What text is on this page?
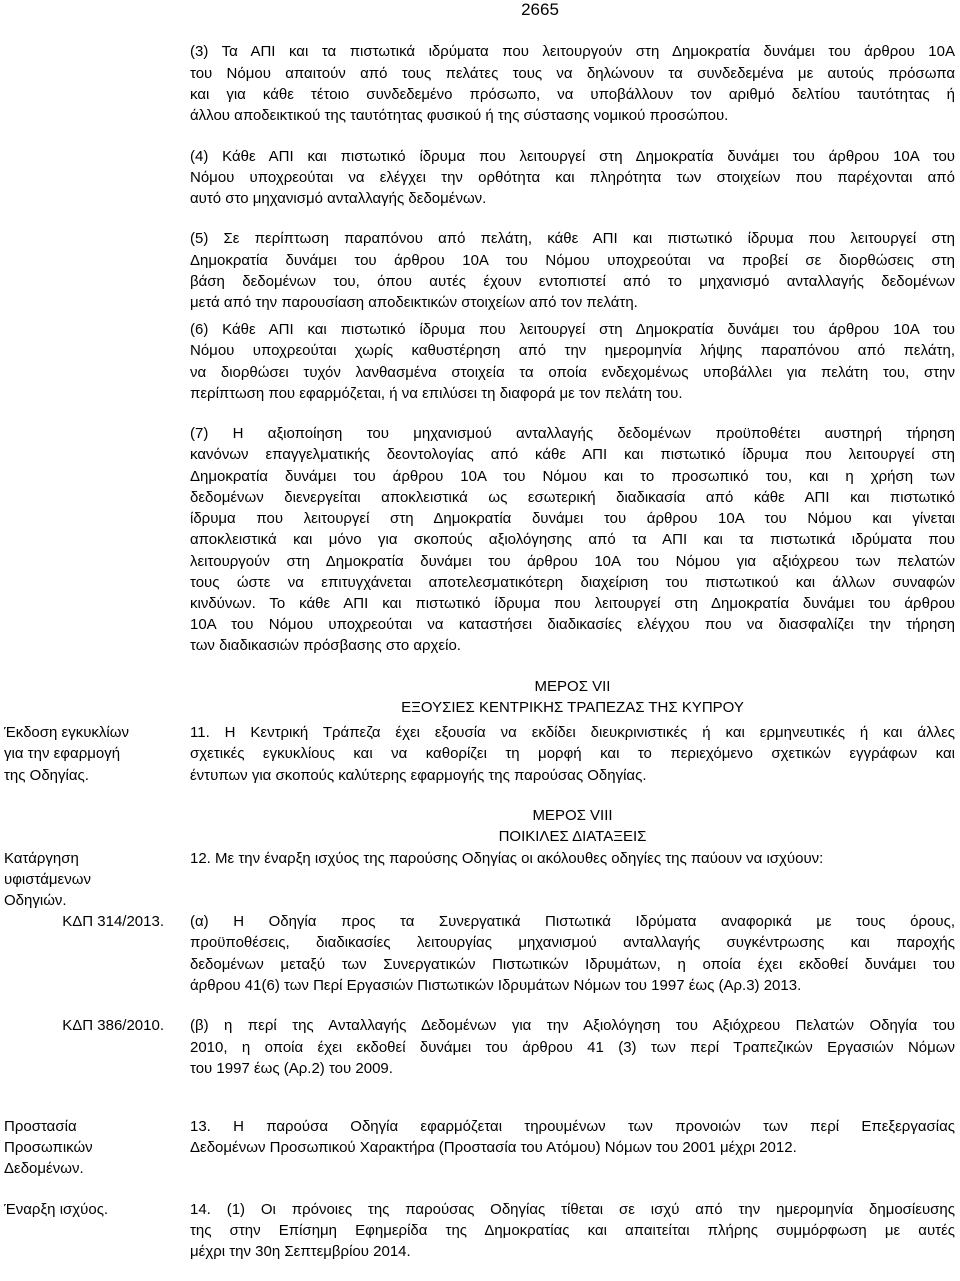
2665
(3) Τα ΑΠΙ και τα πιστωτικά ιδρύματα που λειτουργούν στη Δημοκρατία δυνάμει του άρθρου 10Α
του Νόμου απαιτούν από τους πελάτες τους να δηλώνουν τα συνδεδεμένα με αυτούς πρόσωπα
και για κάθε τέτοιο συνδεδεμένο πρόσωπο, να υποβάλλουν τον αριθμό δελτίου ταυτότητας ή
άλλου αποδεικτικού της ταυτότητας φυσικού ή της σύστασης νομικού προσώπου.
(4) Κάθε ΑΠΙ και πιστωτικό ίδρυμα που λειτουργεί στη Δημοκρατία δυνάμει του άρθρου 10Α του
Νόμου υποχρεούται να ελέγχει την ορθότητα και πληρότητα των στοιχείων που παρέχονται από
αυτό στο μηχανισμό ανταλλαγής δεδομένων.
(5) Σε περίπτωση παραπόνου από πελάτη, κάθε ΑΠΙ και πιστωτικό ίδρυμα που λειτουργεί στη
Δημοκρατία δυνάμει του άρθρου 10Α του Νόμου υποχρεούται να προβεί σε διορθώσεις στη
βάση δεδομένων του, όπου αυτές έχουν εντοπιστεί από το μηχανισμό ανταλλαγής δεδομένων
μετά από την παρουσίαση αποδεικτικών στοιχείων από τον πελάτη.
(6) Κάθε ΑΠΙ και πιστωτικό ίδρυμα που λειτουργεί στη Δημοκρατία δυνάμει του άρθρου 10Α του
Νόμου υποχρεούται χωρίς καθυστέρηση από την ημερομηνία λήψης παραπόνου από πελάτη,
να διορθώσει τυχόν λανθασμένα στοιχεία τα οποία ενδεχομένως υποβάλλει για πελάτη του, στην
περίπτωση που εφαρμόζεται, ή να επιλύσει τη διαφορά με τον πελάτη του.
(7) Η αξιοποίηση του μηχανισμού ανταλλαγής δεδομένων προϋποθέτει αυστηρή τήρηση
κανόνων επαγγελματικής δεοντολογίας από κάθε ΑΠΙ και πιστωτικό ίδρυμα που λειτουργεί στη
Δημοκρατία δυνάμει του άρθρου 10Α του Νόμου και το προσωπικό του, και η χρήση των
δεδομένων διενεργείται αποκλειστικά ως εσωτερική διαδικασία από κάθε ΑΠΙ και πιστωτικό
ίδρυμα που λειτουργεί στη Δημοκρατία δυνάμει του άρθρου 10Α του Νόμου και γίνεται
αποκλειστικά και μόνο για σκοπούς αξιολόγησης από τα ΑΠΙ και τα πιστωτικά ιδρύματα που
λειτουργούν στη Δημοκρατία δυνάμει του άρθρου 10Α του Νόμου για αξιόχρεου των πελατών
τους ώστε να επιτυγχάνεται αποτελεσματικότερη διαχείριση του πιστωτικού και άλλων συναφών
κινδύνων. Το κάθε ΑΠΙ και πιστωτικό ίδρυμα που λειτουργεί στη Δημοκρατία δυνάμει του άρθρου
10Α του Νόμου υποχρεούται να καταστήσει διαδικασίες ελέγχου που να διασφαλίζει την τήρηση
των διαδικασιών πρόσβασης στο αρχείο.
ΜΕΡΟΣ VII
ΕΞΟΥΣΙΕΣ ΚΕΝΤΡΙΚΗΣ ΤΡΑΠΕΖΑΣ ΤΗΣ ΚΥΠΡΟΥ
Έκδοση εγκυκλίων
για την εφαρμογή
της Οδηγίας.
11. Η Κεντρική Τράπεζα έχει εξουσία να εκδίδει διευκρινιστικές ή και ερμηνευτικές ή και άλλες
σχετικές εγκυκλίους και να καθορίζει τη μορφή και το περιεχόμενο σχετικών εγγράφων και
έντυπων για σκοπούς καλύτερης εφαρμογής της παρούσας Οδηγίας.
ΜΕΡΟΣ VIII
ΠΟΙΚΙΛΕΣ ΔΙΑΤΑΞΕΙΣ
Κατάργηση
υφιστάμενων
Οδηγιών.
12. Με την έναρξη ισχύος της παρούσης Οδηγίας οι ακόλουθες οδηγίες της παύουν να ισχύουν:
ΚΔΠ 314/2013. (α) Η Οδηγία προς τα Συνεργατικά Πιστωτικά Ιδρύματα αναφορικά με τους όρους,
προϋποθέσεις, διαδικασίες λειτουργίας μηχανισμού ανταλλαγής συγκέντρωσης και παροχής
δεδομένων μεταξύ των Συνεργατικών Πιστωτικών Ιδρυμάτων, η οποία έχει εκδοθεί δυνάμει του
άρθρου 41(6) των Περί Εργασιών Πιστωτικών Ιδρυμάτων Νόμων του 1997 έως (Αρ.3) 2013.
ΚΔΠ 386/2010. (β) η περί της Ανταλλαγής Δεδομένων για την Αξιολόγηση του Αξιόχρεου Πελατών Οδηγία του
2010, η οποία έχει εκδοθεί δυνάμει του άρθρου 41 (3) των περί Τραπεζικών Εργασιών Νόμων
του 1997 έως (Αρ.2) του 2009.
Προστασία
Προσωπικών
Δεδομένων.
13. Η παρούσα Οδηγία εφαρμόζεται τηρουμένων των προνοιών των περί Επεξεργασίας
Δεδομένων Προσωπικού Χαρακτήρα (Προστασία του Ατόμου) Νόμων του 2001 μέχρι 2012.
Έναρξη ισχύος.	14. (1) Οι πρόνοιες της παρούσας Οδηγίας τίθεται σε ισχύ από την ημερομηνία δημοσίευσης
της στην Επίσημη Εφημερίδα της Δημοκρατίας και απαιτείται πλήρης συμμόρφωση με αυτές
μέχρι την 30η Σεπτεμβρίου 2014.
